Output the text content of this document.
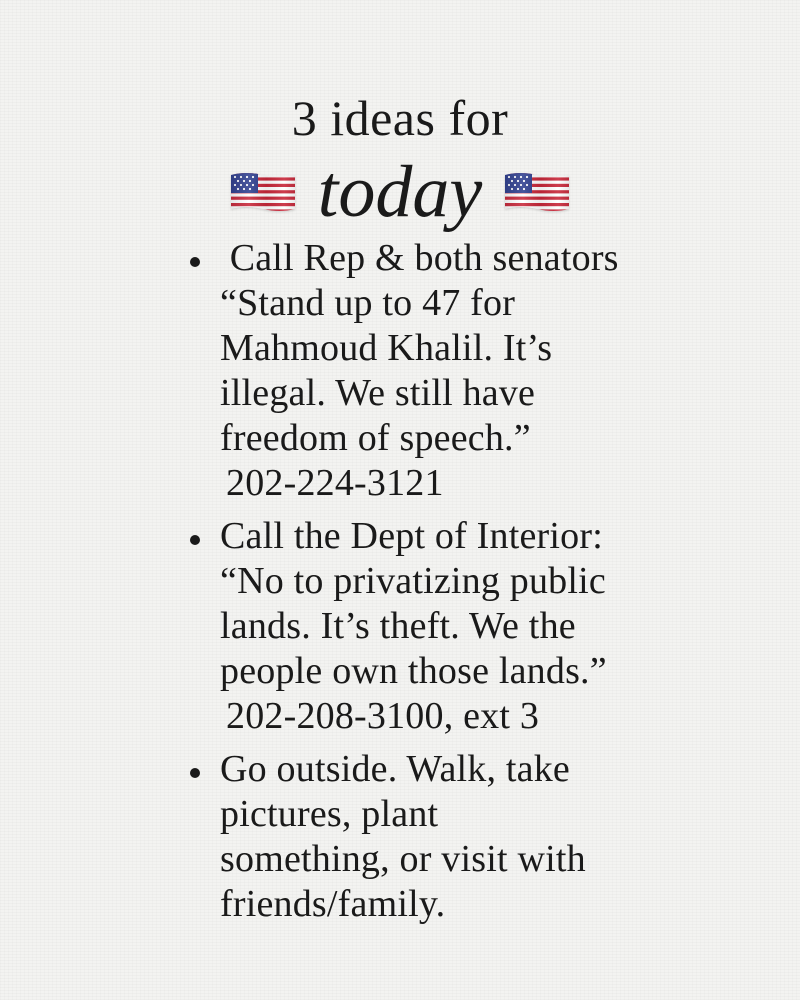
3 ideas for
today
Call Rep & both senators
“Stand up to 47 for
Mahmoud Khalil. It’s
illegal. We still have
freedom of speech.”
202-224-3121
Call the Dept of Interior:
“No to privatizing public
lands. It’s theft. We the
people own those lands.”
202-208-3100, ext 3
Go outside. Walk, take
pictures, plant
something, or visit with
friends/family.
